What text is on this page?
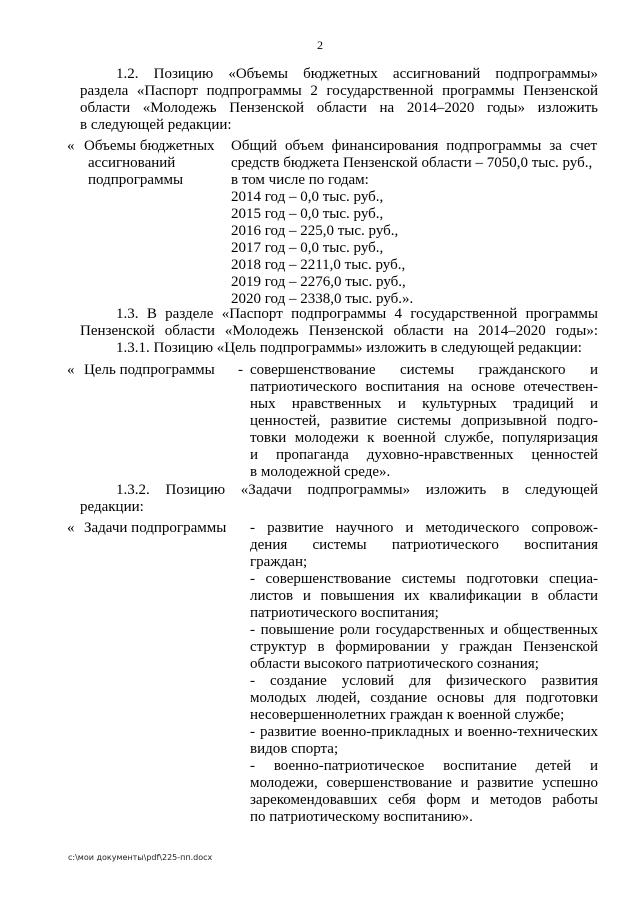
2
1.2. Позицию «Объемы бюджетных ассигнований подпрограммы»
раздела «Паспорт подпрограммы 2 государственной программы Пензенской
области «Молодежь Пензенской области на 2014–2020 годы» изложить
в следующей редакции:
« Объемы бюджетных
ассигнований
подпрограммы
Общий объем финансирования подпрограммы за счет
средств бюджета Пензенской области – 7050,0 тыс. руб.,
в том числе по годам:
2014 год – 0,0 тыс. руб.,
2015 год – 0,0 тыс. руб.,
2016 год – 225,0 тыс. руб.,
2017 год – 0,0 тыс. руб.,
2018 год – 2211,0 тыс. руб.,
2019 год – 2276,0 тыс. руб.,
2020 год – 2338,0 тыс. руб.».
1.3. В разделе «Паспорт подпрограммы 4 государственной программы
Пензенской области «Молодежь Пензенской области на 2014–2020 годы»:
1.3.1. Позицию «Цель подпрограммы» изложить в следующей редакции:
« Цель подпрограммы - совершенствование системы гражданского и
патриотического воспитания на основе отечествен-
ных нравственных и культурных традиций и
ценностей, развитие системы допризывной подго-
товки молодежи к военной службе, популяризация
и пропаганда духовно-нравственных ценностей
в молодежной среде».
1.3.2. Позицию «Задачи подпрограммы» изложить в следующей
редакции:
« Задачи подпрограммы - развитие научного и методического сопровож-
дения системы патриотического воспитания
граждан;
- совершенствование системы подготовки специа-
листов и повышения их квалификации в области
патриотического воспитания;
- повышение роли государственных и общественных
структур в формировании у граждан Пензенской
области высокого патриотического сознания;
- создание условий для физического развития
молодых людей, создание основы для подготовки
несовершеннолетних граждан к военной службе;
- развитие военно-прикладных и военно-технических
видов спорта;
- военно-патриотическое воспитание детей и
молодежи, совершенствование и развитие успешно
зарекомендовавших себя форм и методов работы
по патриотическому воспитанию».
c:\мои документы\pdf\225-пп.docx
